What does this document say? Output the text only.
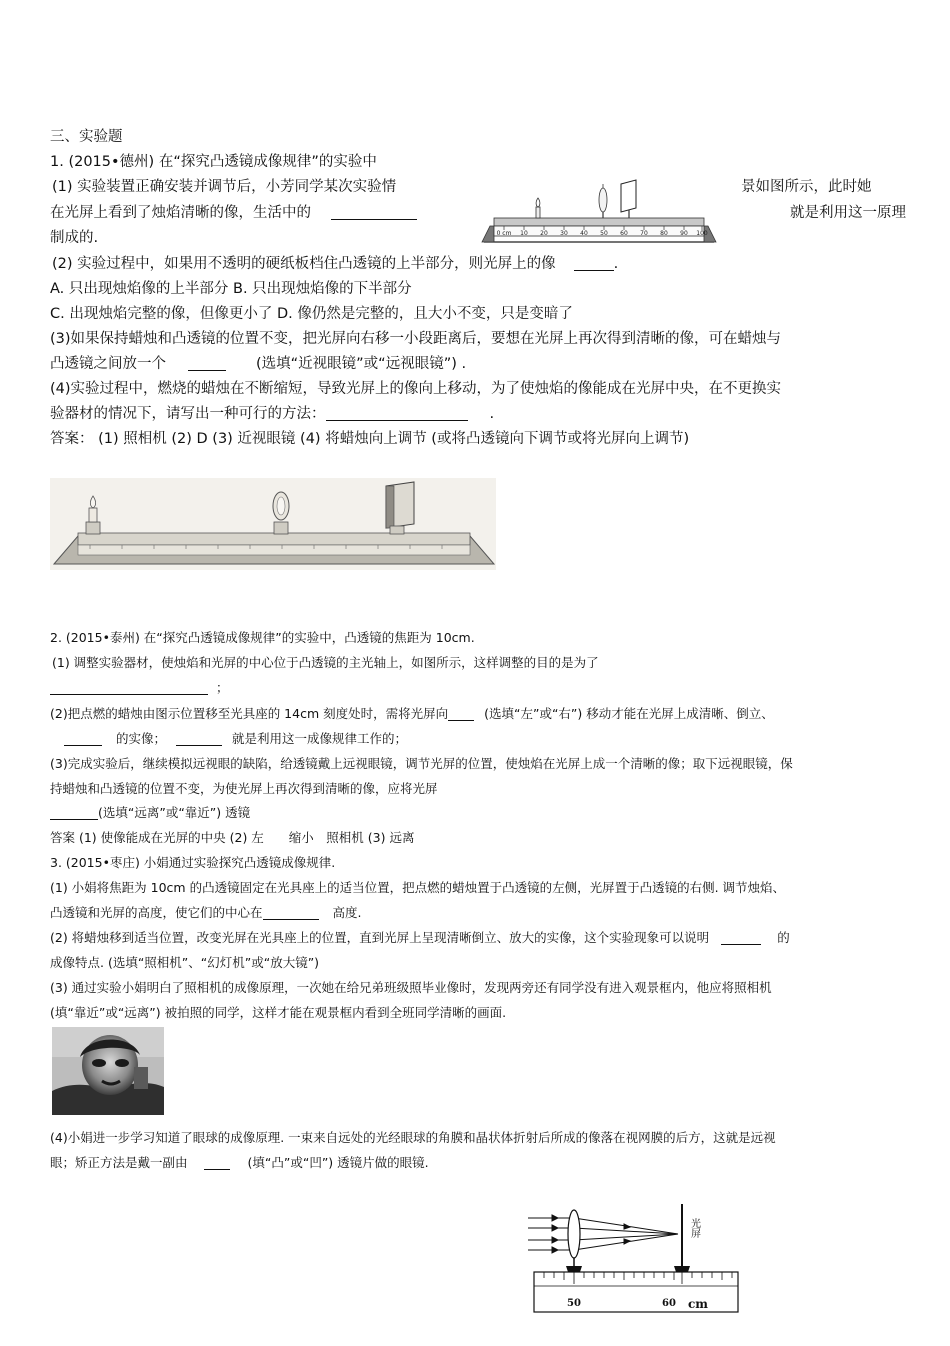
三、实验题
1. (2015•德州) 在“探究凸透镜成像规律”的实验中
(1) 实验装置正确安装并调节后，小芳同学某次实验情	景如图所示，此时她
在光屏上看到了烛焰清晰的像，生活中的	就是利用这一原理
制成的.
(2) 实验过程中，如果用不透明的硬纸板档住凸透镜的上半部分，则光屏上的像	.
A. 只出现烛焰像的上半部分 B. 只出现烛焰像的下半部分
C. 出现烛焰完整的像，但像更小了 D. 像仍然是完整的，且大小不变，只是变暗了
(3)如果保持蜡烛和凸透镜的位置不变，把光屏向右移一小段距离后，要想在光屏上再次得到清晰的像，可在蜡烛与
凸透镜之间放一个	(选填“近视眼镜”或“远视眼镜”) .
(4)实验过程中，燃烧的蜡烛在不断缩短，导致光屏上的像向上移动，为了使烛焰的像能成在光屏中央，在不更换实
验器材的情况下，请写出一种可行的方法：	.
答案： (1) 照相机 (2) D (3) 近视眼镜 (4) 将蜡烛向上调节 (或将凸透镜向下调节或将光屏向上调节)
0 cm 10 20 30 40 50 60 70 80 90 100
2. (2015•泰州) 在“探究凸透镜成像规律”的实验中，凸透镜的焦距为 10cm.
(1) 调整实验器材，使烛焰和光屏的中心位于凸透镜的主光轴上，如图所示，这样调整的目的是为了
；
(2)把点燃的蜡烛由图示位置移至光具座的 14cm 刻度处时，需将光屏向	(选填“左”或“右”) 移动才能在光屏上成清晰、倒立、
的实像；	就是利用这一成像规律工作的；
(3)完成实验后，继续模拟远视眼的缺陷，给透镜戴上远视眼镜，调节光屏的位置，使烛焰在光屏上成一个清晰的像；取下远视眼镜，保
持蜡烛和凸透镜的位置不变，为使光屏上再次得到清晰的像，应将光屏
(选填“远离”或“靠近”) 透镜
答案 (1) 使像能成在光屏的中央 (2) 左　　缩小　照相机 (3) 远离
3. (2015•枣庄) 小娟通过实验探究凸透镜成像规律.
(1) 小娟将焦距为 10cm 的凸透镜固定在光具座上的适当位置，把点燃的蜡烛置于凸透镜的左侧，光屏置于凸透镜的右侧. 调节烛焰、
凸透镜和光屏的高度，使它们的中心在	高度.
(2) 将蜡烛移到适当位置，改变光屏在光具座上的位置，直到光屏上呈现清晰倒立、放大的实像，这个实验现象可以说明	的
成像特点. (选填“照相机”、“幻灯机”或“放大镜”)
(3) 通过实验小娟明白了照相机的成像原理，一次她在给兄弟班级照毕业像时，发现两旁还有同学没有进入观景框内，他应将照相机
(填“靠近”或“远离”) 被拍照的同学，这样才能在观景框内看到全班同学清晰的画面.
(4)小娟进一步学习知道了眼球的成像原理. 一束来自远处的光经眼球的角膜和晶状体折射后所成的像落在视网膜的后方，这就是远视
眼；矫正方法是戴一副由	(填“凸”或“凹”) 透镜片做的眼镜.
光屏
50	60 cm
